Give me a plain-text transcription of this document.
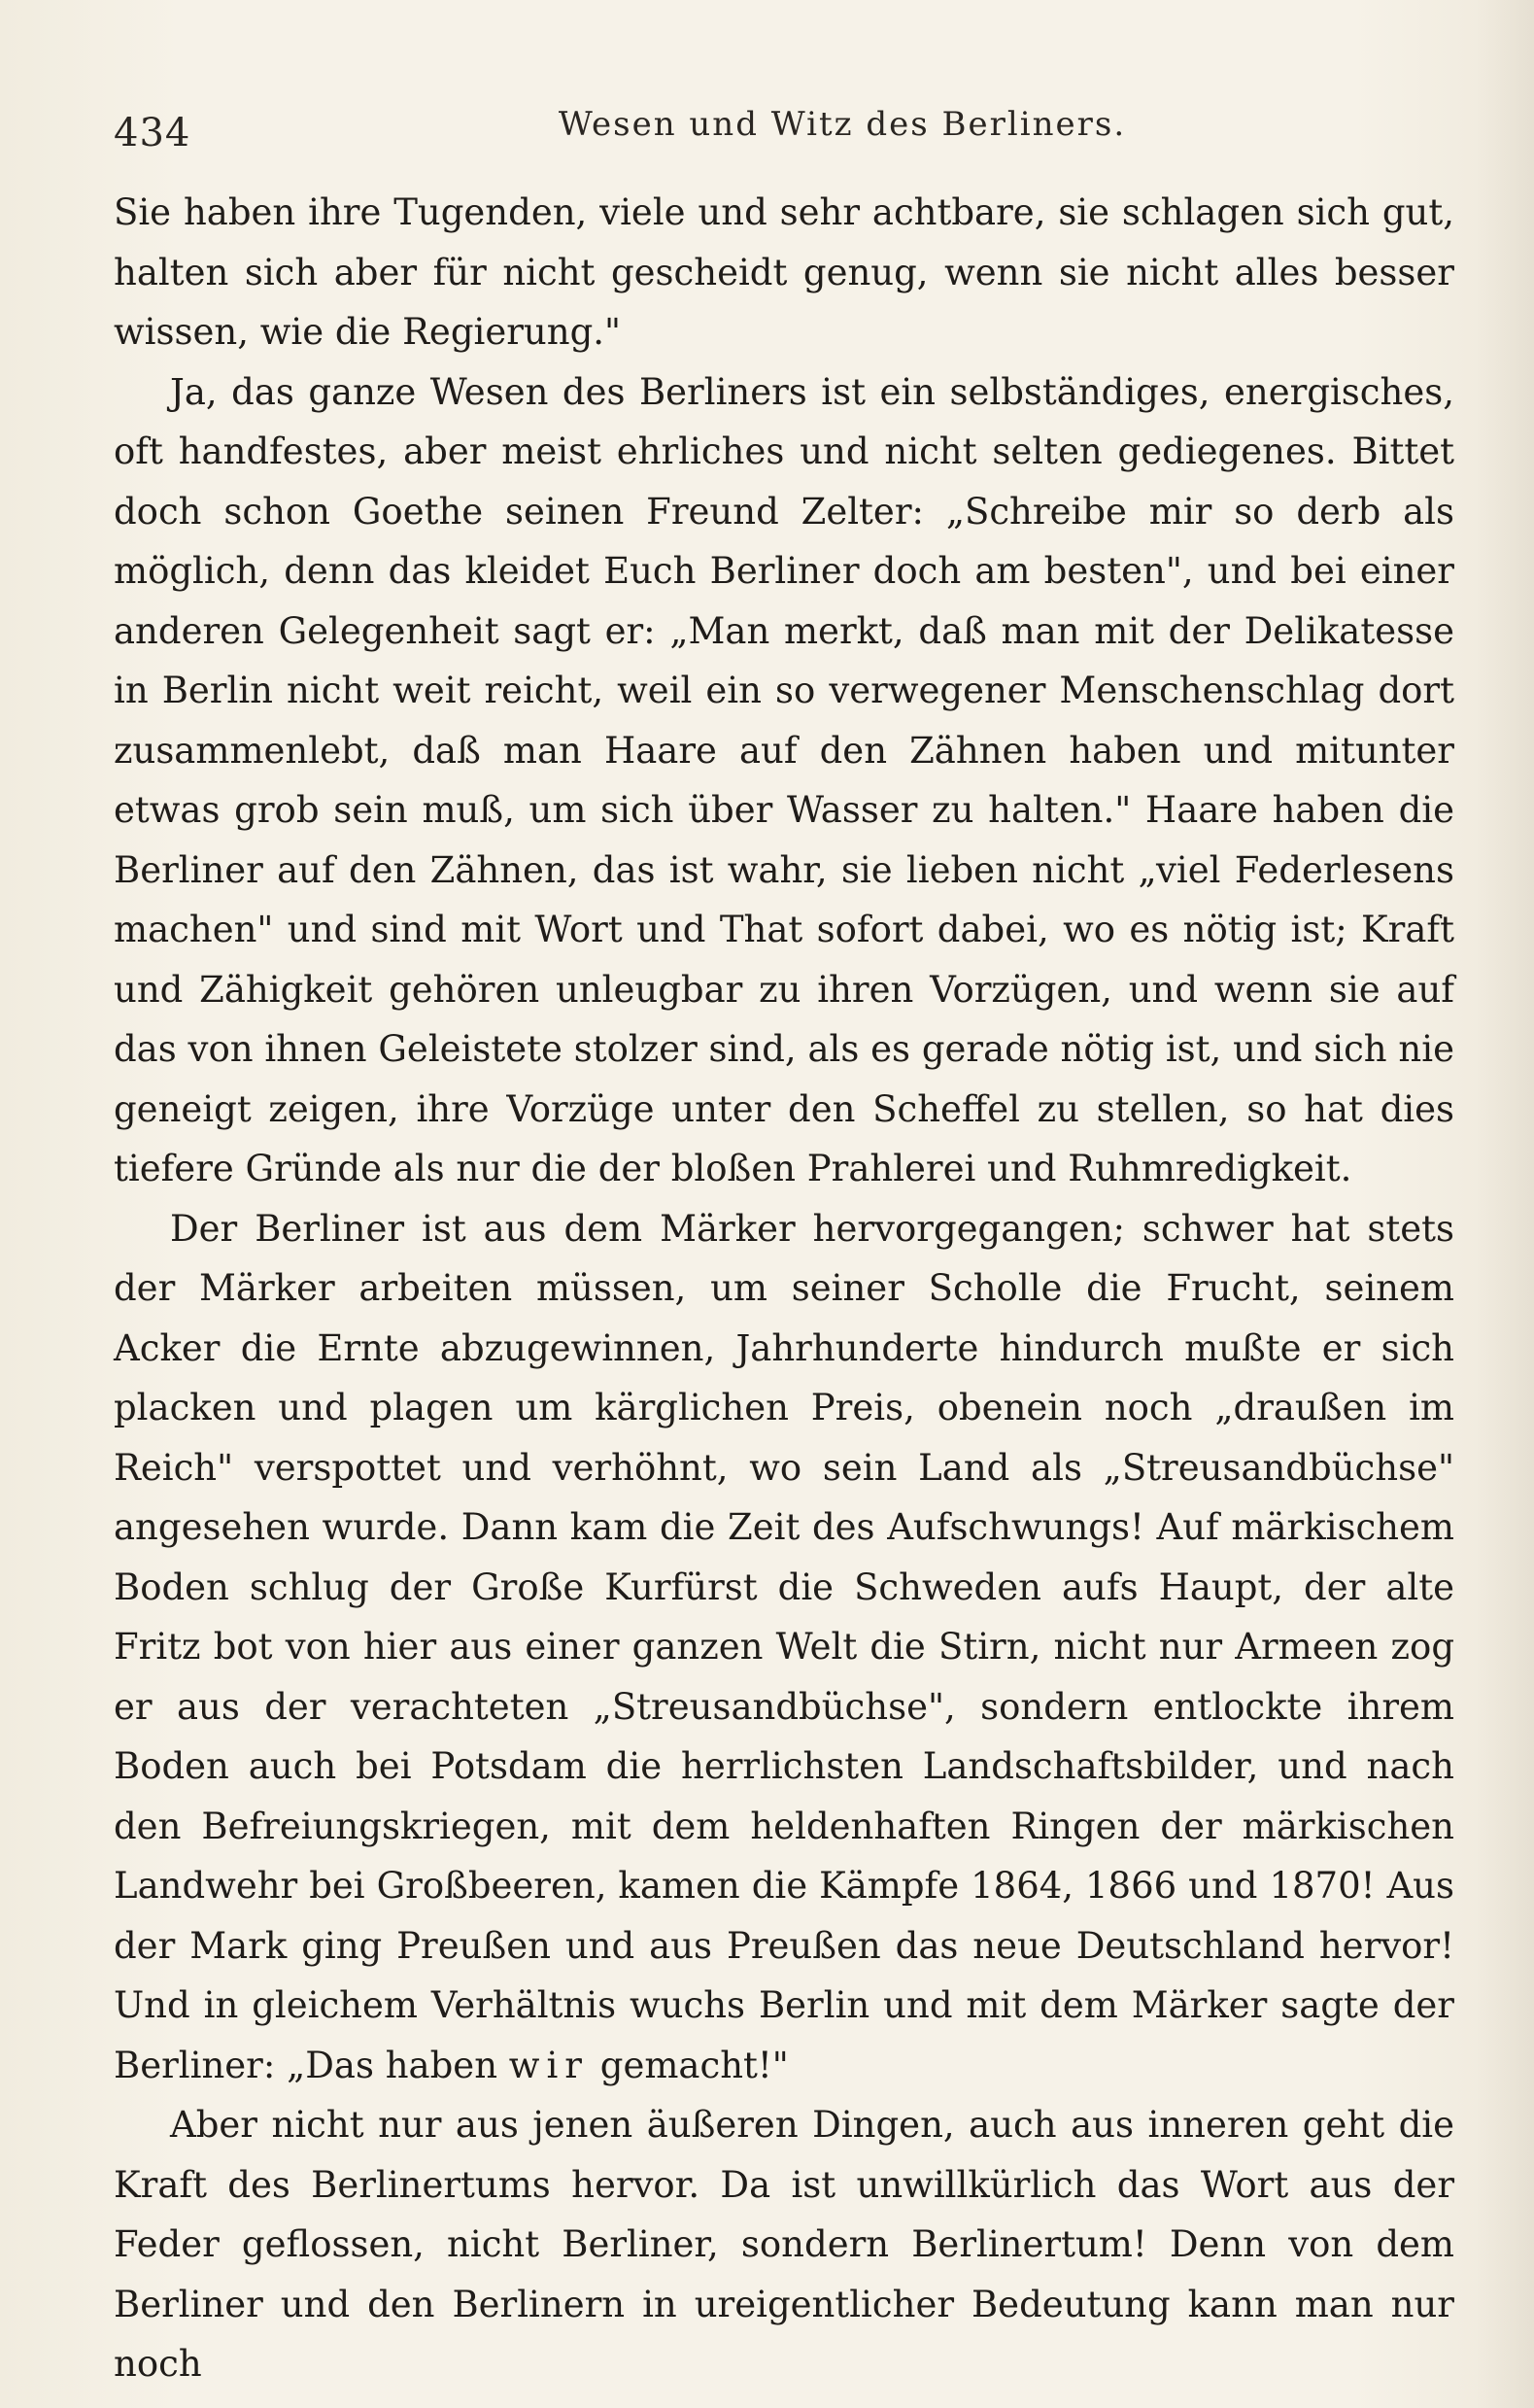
434	Wesen und Witz des Berliners.

Sie haben ihre Tugenden, viele und sehr achtbare, sie schlagen sich gut, halten sich aber für nicht gescheidt genug, wenn sie nicht alles besser wissen, wie die Regierung."

Ja, das ganze Wesen des Berliners ist ein selbständiges, energisches, oft handfestes, aber meist ehrliches und nicht selten gediegenes. Bittet doch schon Goethe seinen Freund Zelter: „Schreibe mir so derb als möglich, denn das kleidet Euch Berliner doch am besten", und bei einer anderen Gelegenheit sagt er: „Man merkt, daß man mit der Delikatesse in Berlin nicht weit reicht, weil ein so verwegener Menschenschlag dort zusammenlebt, daß man Haare auf den Zähnen haben und mitunter etwas grob sein muß, um sich über Wasser zu halten." Haare haben die Berliner auf den Zähnen, das ist wahr, sie lieben nicht „viel Federlesens machen" und sind mit Wort und That sofort dabei, wo es nötig ist; Kraft und Zähigkeit gehören unleugbar zu ihren Vorzügen, und wenn sie auf das von ihnen Geleistete stolzer sind, als es gerade nötig ist, und sich nie geneigt zeigen, ihre Vorzüge unter den Scheffel zu stellen, so hat dies tiefere Gründe als nur die der bloßen Prahlerei und Ruhmredigkeit.

Der Berliner ist aus dem Märker hervorgegangen; schwer hat stets der Märker arbeiten müssen, um seiner Scholle die Frucht, seinem Acker die Ernte abzugewinnen, Jahrhunderte hindurch mußte er sich placken und plagen um kärglichen Preis, obenein noch „draußen im Reich" verspottet und verhöhnt, wo sein Land als „Streusandbüchse" angesehen wurde. Dann kam die Zeit des Aufschwungs! Auf märkischem Boden schlug der Große Kurfürst die Schweden aufs Haupt, der alte Fritz bot von hier aus einer ganzen Welt die Stirn, nicht nur Armeen zog er aus der verachteten „Streusandbüchse", sondern entlockte ihrem Boden auch bei Potsdam die herrlichsten Landschaftsbilder, und nach den Befreiungskriegen, mit dem heldenhaften Ringen der märkischen Landwehr bei Großbeeren, kamen die Kämpfe 1864, 1866 und 1870! Aus der Mark ging Preußen und aus Preußen das neue Deutschland hervor! Und in gleichem Verhältnis wuchs Berlin und mit dem Märker sagte der Berliner: „Das haben wir gemacht!"

Aber nicht nur aus jenen äußeren Dingen, auch aus inneren geht die Kraft des Berlinertums hervor. Da ist unwillkürlich das Wort aus der Feder geflossen, nicht Berliner, sondern Berlinertum! Denn von dem Berliner und den Berlinern in ureigentlicher Bedeutung kann man nur noch
